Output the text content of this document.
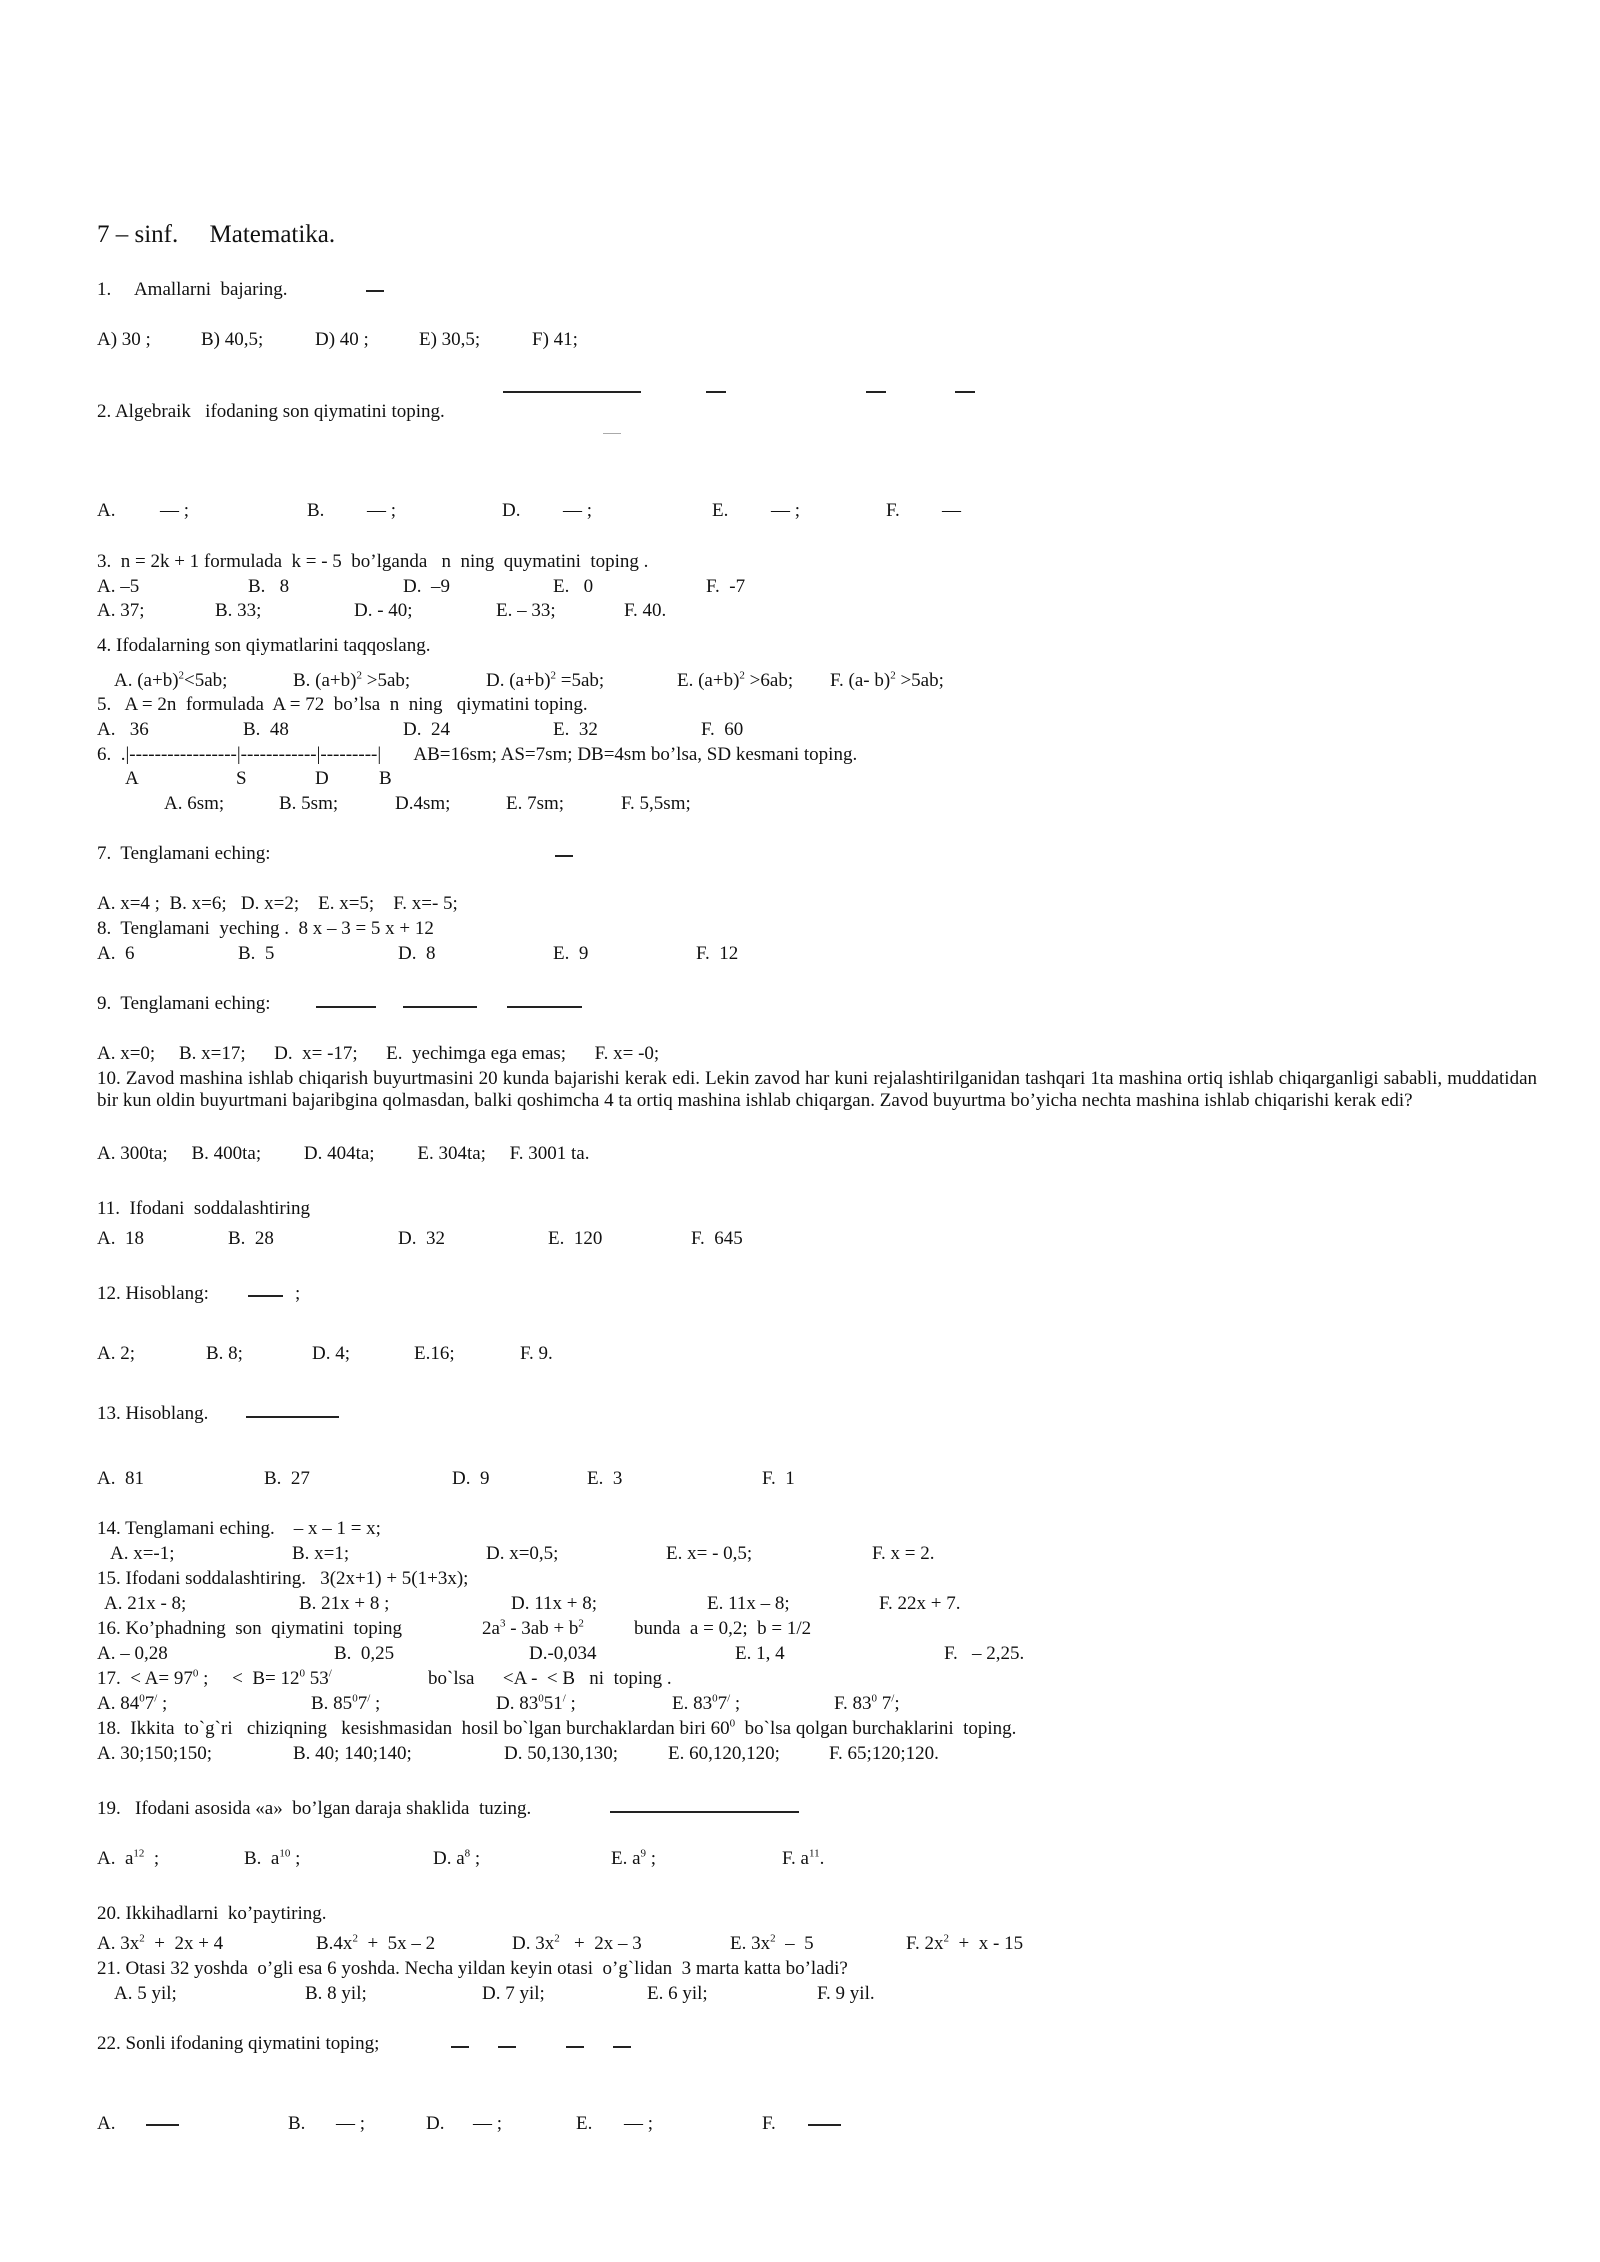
7 – sinf.     Matematika.
1.     Amallarni  bajaring.
A) 30 ;	B) 40,5;	D) 40 ;	E) 30,5;	F) 41;
2. Algebraik   ifodaning son qiymatini toping.
A. — ;	B. — ;	D. — ;	E. — ;	F. —
3.  n = 2k + 1 formulada  k = - 5  bo’lganda   n  ning  quymatini  toping .
A. –5	B.   8	D.  –9	E.   0	F.  -7
A. 37;	B. 33;	D. - 40;	E. – 33;	F. 40.
4. Ifodalarning son qiymatlarini taqqoslang.
A. $(a+b)^2<5ab$;	B. $(a+b)^2 >5ab$;	D. $(a+b)^2 =5ab$;	E. $(a+b)^2 >6ab$; F. (a- b)$^2$ >5ab;
5.   A = 2n  formulada  A = 72  bo’lsa  n  ning   qiymatini toping.
A.   36	B.  48	D.  24	E.  32	F.  60
6.  .|-----------------|------------|---------|       AB=16sm; AS=7sm; DB=4sm bo’lsa, SD kesmani toping.
A	S	D	B
A. 6sm;	B. 5sm;	D.4sm;	E. 7sm;	F. 5,5sm;
7.  Tenglamani eching:
A. x=4 ;  B. x=6;   D. x=2;    E. x=5;    F. x=- 5;
8.  Tenglamani  yeching .  8 x – 3 = 5 x + 12
A.  6	B.  5	D.  8	E.  9	F.  12
9.  Tenglamani eching:
A. x=0;     B. x=17;      D.  x= -17;      E.  yechimga ega emas;      F. x= -0;
10. Zavod mashina ishlab chiqarish buyurtmasini 20 kunda bajarishi kerak edi. Lekin zavod har kuni rejalashtirilganidan tashqari 1ta mashina ortiq ishlab chiqarganligi sababli, muddatidan bir kun oldin buyurtmani bajaribgina qolmasdan, balki qoshimcha 4 ta ortiq mashina ishlab chiqargan. Zavod buyurtma bo’yicha nechta mashina ishlab chiqarishi kerak edi?
A. 300ta;     B. 400ta;         D. 404ta;         E. 304ta;     F. 3001 ta.
11.  Ifodani  soddalashtiring
A.  18	B.  28	D.  32	E.  120	F.  645
12. Hisoblang:	;
A. 2;	B. 8;	D. 4;	E.16;	F. 9.
13. Hisoblang.
A.  81	B.  27	D.  9	E.  3	F.  1
14. Tenglamani eching.    – x – 1 = x;
A. x=-1;	B. x=1;	D. x=0,5;	E. x= - 0,5;	F. x = 2.
15. Ifodani soddalashtiring.   3(2x+1) + 5(1+3x);
A. 21x - 8;	B. 21x + 8 ;	D. 11x + 8;	E. 11x – 8;	F. 22x + 7.
16. Ko’phadning  son  qiymatini  toping	$2a^3 - 3ab + b^2$	bunda  a = 0,2;  b = 1/2
A. – 0,28	B.  0,25	D.-0,034	E. 1, 4	F.   – 2,25.
17.  < $A= 97^0$ ;     <  $B= 12^0$ 53/	bo`lsa      <A -  < B   ni  toping .
A. $84^07^/$ ;	B. $85^07^/$ ;	D. $83^051^/$ ;	E. $83^07^/$ ;	F. $83^0$ 7/;
18.  Ikkita  to`g`ri   chiziqning   kesishmasidan  hosil bo`lgan burchaklardan biri $60^0$  bo`lsa qolgan burchaklarini  toping.
A. 30;150;150;	B. 40; 140;140;	D. 50,130,130;	E. 60,120,120;	F. 65;120;120.
19.   Ifodani asosida «a»  bo’lgan daraja shaklida  tuzing.
A.  $a^{12}$  ;	B.  $a^{10}$ ;	D. $a^8$ ;	E. $a^9$ ;	F. $a^{11}$.
20. Ikkihadlarni  ko’paytiring.
A. $3x^2 + 2x + 4$	$B.4x^2 + 5x - 2$	D. $3x^2 + 2x - 3$	E. $3x^2 - 5$	F. $2x^2 + x - 15$
21. Otasi 32 yoshda  o’gli esa 6 yoshda. Necha yildan keyin otasi  o’g`lidan  3 marta katta bo’ladi?
A. 5 yil;	B. 8 yil;	D. 7 yil;	E. 6 yil;	F. 9 yil.
22. Sonli ifodaning qiymatini toping;
A.	B. — ;	D. — ;	E. — ;	F.
